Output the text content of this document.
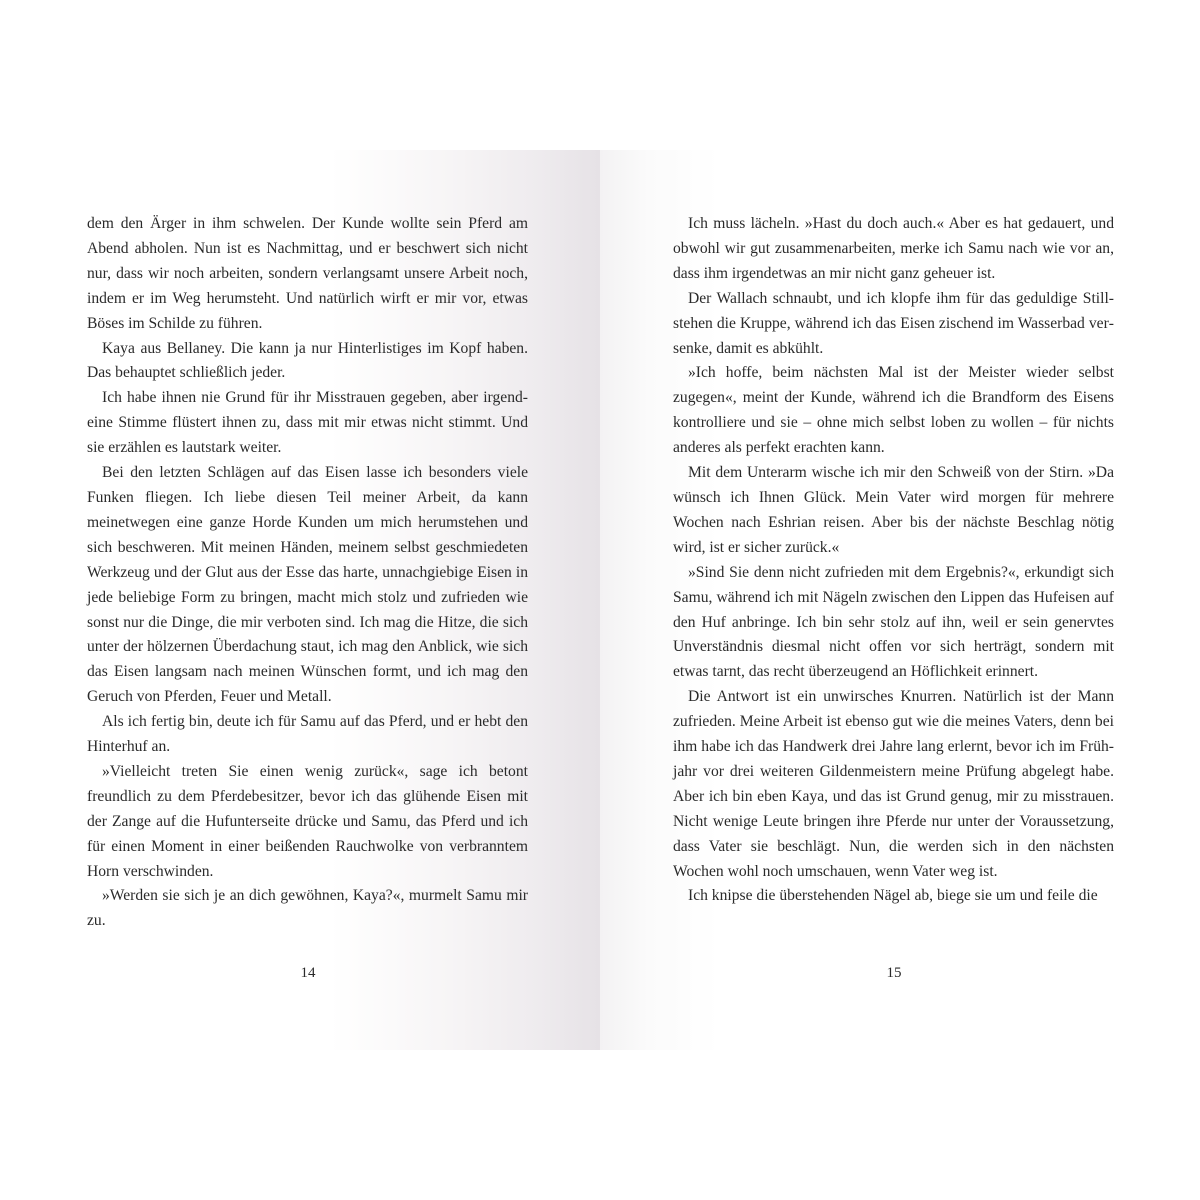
dem den Ärger in ihm schwelen. Der Kunde wollte sein Pferd am Abend abholen. Nun ist es Nachmittag, und er beschwert sich nicht nur, dass wir noch arbeiten, sondern verlangsamt unsere Arbeit noch, indem er im Weg herumsteht. Und natürlich wirft er mir vor, etwas Böses im Schilde zu führen.

Kaya aus Bellaney. Die kann ja nur Hinterlistiges im Kopf haben. Das behauptet schließlich jeder.

Ich habe ihnen nie Grund für ihr Misstrauen gegeben, aber irgendeine Stimme flüstert ihnen zu, dass mit mir etwas nicht stimmt. Und sie erzählen es lautstark weiter.

Bei den letzten Schlägen auf das Eisen lasse ich besonders viele Funken fliegen. Ich liebe diesen Teil meiner Arbeit, da kann meinetwegen eine ganze Horde Kunden um mich herumstehen und sich beschweren. Mit meinen Händen, meinem selbst geschmiedeten Werkzeug und der Glut aus der Esse das harte, unnachgiebige Eisen in jede beliebige Form zu bringen, macht mich stolz und zufrieden wie sonst nur die Dinge, die mir verboten sind. Ich mag die Hitze, die sich unter der hölzernen Überdachung staut, ich mag den Anblick, wie sich das Eisen langsam nach meinen Wünschen formt, und ich mag den Geruch von Pferden, Feuer und Metall.

Als ich fertig bin, deute ich für Samu auf das Pferd, und er hebt den Hinterhuf an.

»Vielleicht treten Sie einen wenig zurück«, sage ich betont freundlich zu dem Pferdebesitzer, bevor ich das glühende Eisen mit der Zange auf die Hufunterseite drücke und Samu, das Pferd und ich für einen Moment in einer beißenden Rauchwolke von verbranntem Horn verschwinden.

»Werden sie sich je an dich gewöhnen, Kaya?«, murmelt Samu mir zu.

14

Ich muss lächeln. »Hast du doch auch.« Aber es hat gedauert, und obwohl wir gut zusammenarbeiten, merke ich Samu nach wie vor an, dass ihm irgendetwas an mir nicht ganz geheuer ist.

Der Wallach schnaubt, und ich klopfe ihm für das geduldige Stillstehen die Kruppe, während ich das Eisen zischend im Wasserbad versenke, damit es abkühlt.

»Ich hoffe, beim nächsten Mal ist der Meister wieder selbst zugegen«, meint der Kunde, während ich die Brandform des Eisens kontrolliere und sie – ohne mich selbst loben zu wollen – für nichts anderes als perfekt erachten kann.

Mit dem Unterarm wische ich mir den Schweiß von der Stirn. »Da wünsch ich Ihnen Glück. Mein Vater wird morgen für mehrere Wochen nach Eshrian reisen. Aber bis der nächste Beschlag nötig wird, ist er sicher zurück.«

»Sind Sie denn nicht zufrieden mit dem Ergebnis?«, erkundigt sich Samu, während ich mit Nägeln zwischen den Lippen das Hufeisen auf den Huf anbringe. Ich bin sehr stolz auf ihn, weil er sein genervtes Unverständnis diesmal nicht offen vor sich herträgt, sondern mit etwas tarnt, das recht überzeugend an Höflichkeit erinnert.

Die Antwort ist ein unwirsches Knurren. Natürlich ist der Mann zufrieden. Meine Arbeit ist ebenso gut wie die meines Vaters, denn bei ihm habe ich das Handwerk drei Jahre lang erlernt, bevor ich im Frühjahr vor drei weiteren Gildenmeistern meine Prüfung abgelegt habe. Aber ich bin eben Kaya, und das ist Grund genug, mir zu misstrauen. Nicht wenige Leute bringen ihre Pferde nur unter der Voraussetzung, dass Vater sie beschlägt. Nun, die werden sich in den nächsten Wochen wohl noch umschauen, wenn Vater weg ist.

Ich knipse die überstehenden Nägel ab, biege sie um und feile die

15
